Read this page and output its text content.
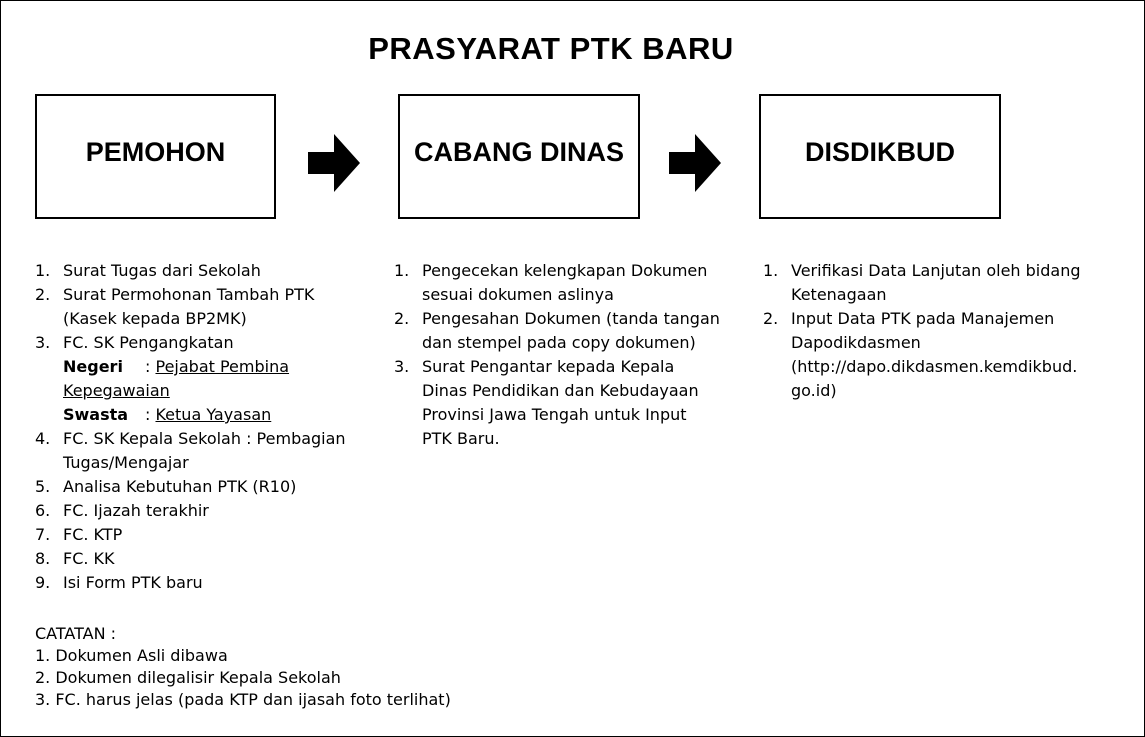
PRASYARAT PTK BARU
PEMOHON	CABANG DINAS	DISDIKBUD
1. Surat Tugas dari Sekolah
2. Surat Permohonan Tambah PTK
(Kasek kepada BP2MK)
3. FC. SK Pengangkatan
Negeri	: Pejabat Pembina
Kepegawaian
Swasta	: Ketua Yayasan
4. FC. SK Kepala Sekolah : Pembagian
Tugas/Mengajar
5. Analisa Kebutuhan PTK (R10)
6. FC. Ijazah terakhir
7. FC. KTP
8. FC. KK
9. Isi Form PTK baru
1. Pengecekan kelengkapan Dokumen
sesuai dokumen aslinya
2. Pengesahan Dokumen (tanda tangan
dan stempel pada copy dokumen)
3. Surat Pengantar kepada Kepala
Dinas Pendidikan dan Kebudayaan
Provinsi Jawa Tengah untuk Input
PTK Baru.
1. Verifikasi Data Lanjutan oleh bidang
Ketenagaan
2. Input Data PTK pada Manajemen
Dapodikdasmen
(http://dapo.dikdasmen.kemdikbud.
go.id)
CATATAN :
1. Dokumen Asli dibawa
2. Dokumen dilegalisir Kepala Sekolah
3. FC. harus jelas (pada KTP dan ijasah foto terlihat)
